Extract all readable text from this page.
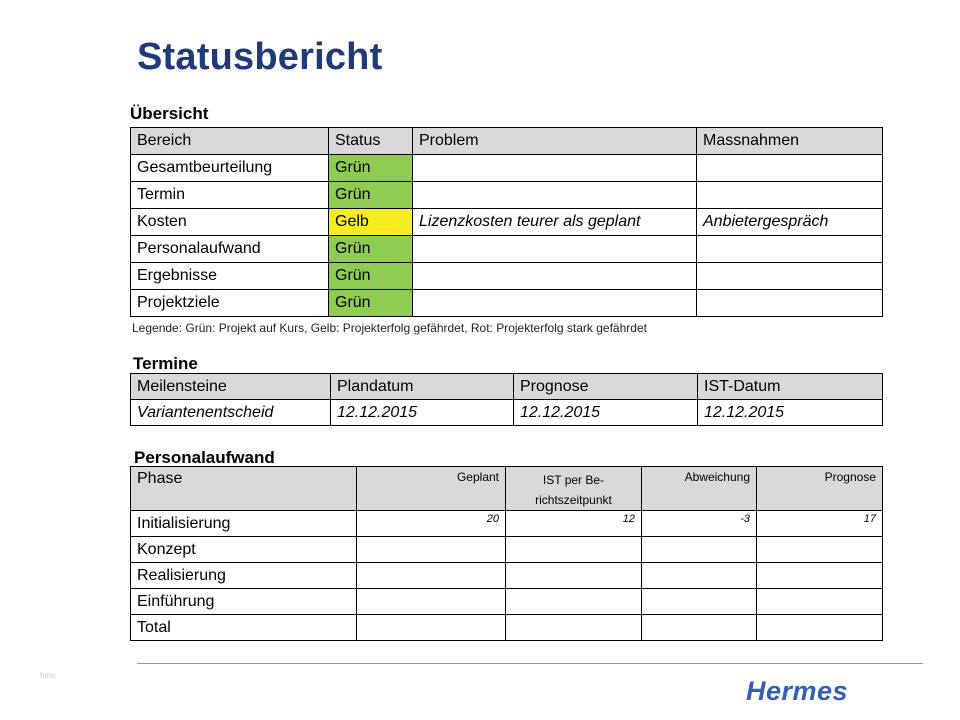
Statusbericht
Übersicht
Bereich	Status	Problem	Massnahmen
Gesamtbeurteilung	Grün		
Termin	Grün		
Kosten	Gelb	Lizenzkosten teurer als geplant	Anbietergespräch
Personalaufwand	Grün		
Ergebnisse	Grün		
Projektziele	Grün		
Legende: Grün: Projekt auf Kurs, Gelb: Projekterfolg gefährdet, Rot: Projekterfolg stark gefährdet
Termine
Meilensteine	Plandatum	Prognose	IST-Datum
Variantenentscheid	12.12.2015	12.12.2015	12.12.2015
Personalaufwand
Phase	Geplant	IST per Be-richtszeitpunkt	Abweichung	Prognose
Initialisierung	20	12	-3	17
Konzept				
Realisierung				
Einführung				
Total				
hmo
Hermes
